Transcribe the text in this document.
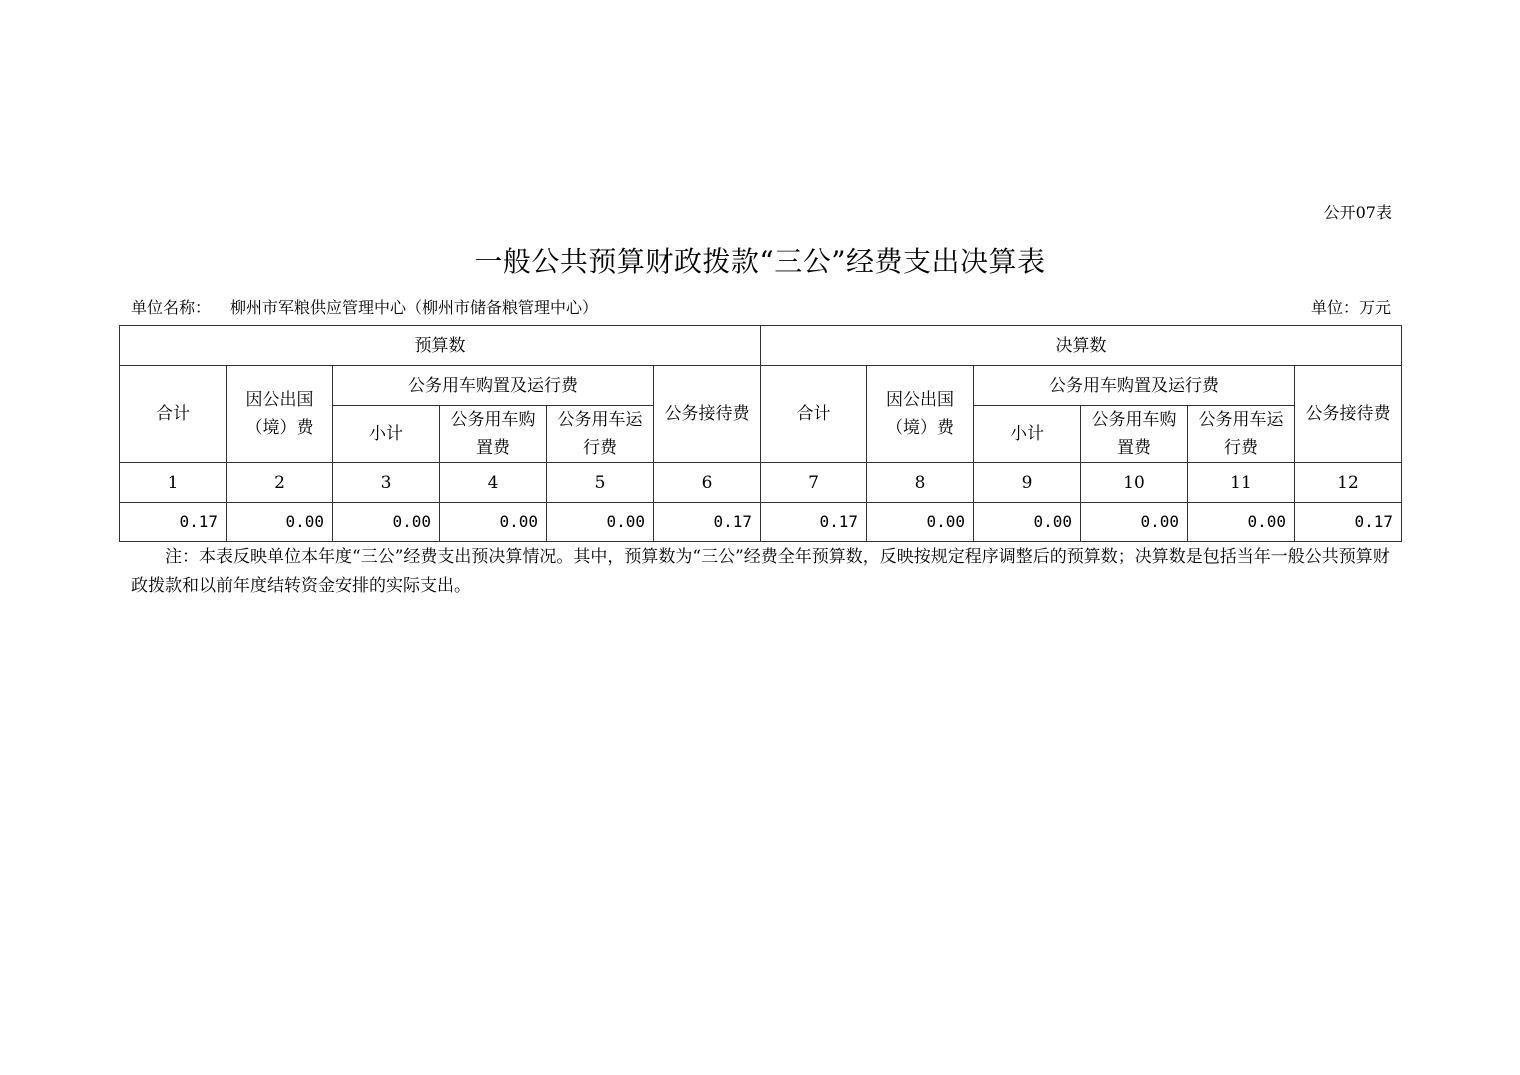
公开07表
一般公共预算财政拨款“三公”经费支出决算表
单位名称： 柳州市军粮供应管理中心（柳州市储备粮管理中心）	单位：万元
预算数						决算数					
合计	因公出国（境）费	公务用车购置及运行费			公务接待费	合计	因公出国（境）费	公务用车购置及运行费			公务接待费
		小计	公务用车购置费	公务用车运行费				小计	公务用车购置费	公务用车运行费	
1	2	3	4	5	6	7	8	9	10	11	12
0.17	0.00	0.00	0.00	0.00	0.17	0.17	0.00	0.00	0.00	0.00	0.17
注：本表反映单位本年度“三公”经费支出预决算情况。其中，预算数为“三公”经费全年预算数，反映按规定程序调整后的预算数；决算数是包括当年一般公共预算财政拨款和以前年度结转资金安排的实际支出。
